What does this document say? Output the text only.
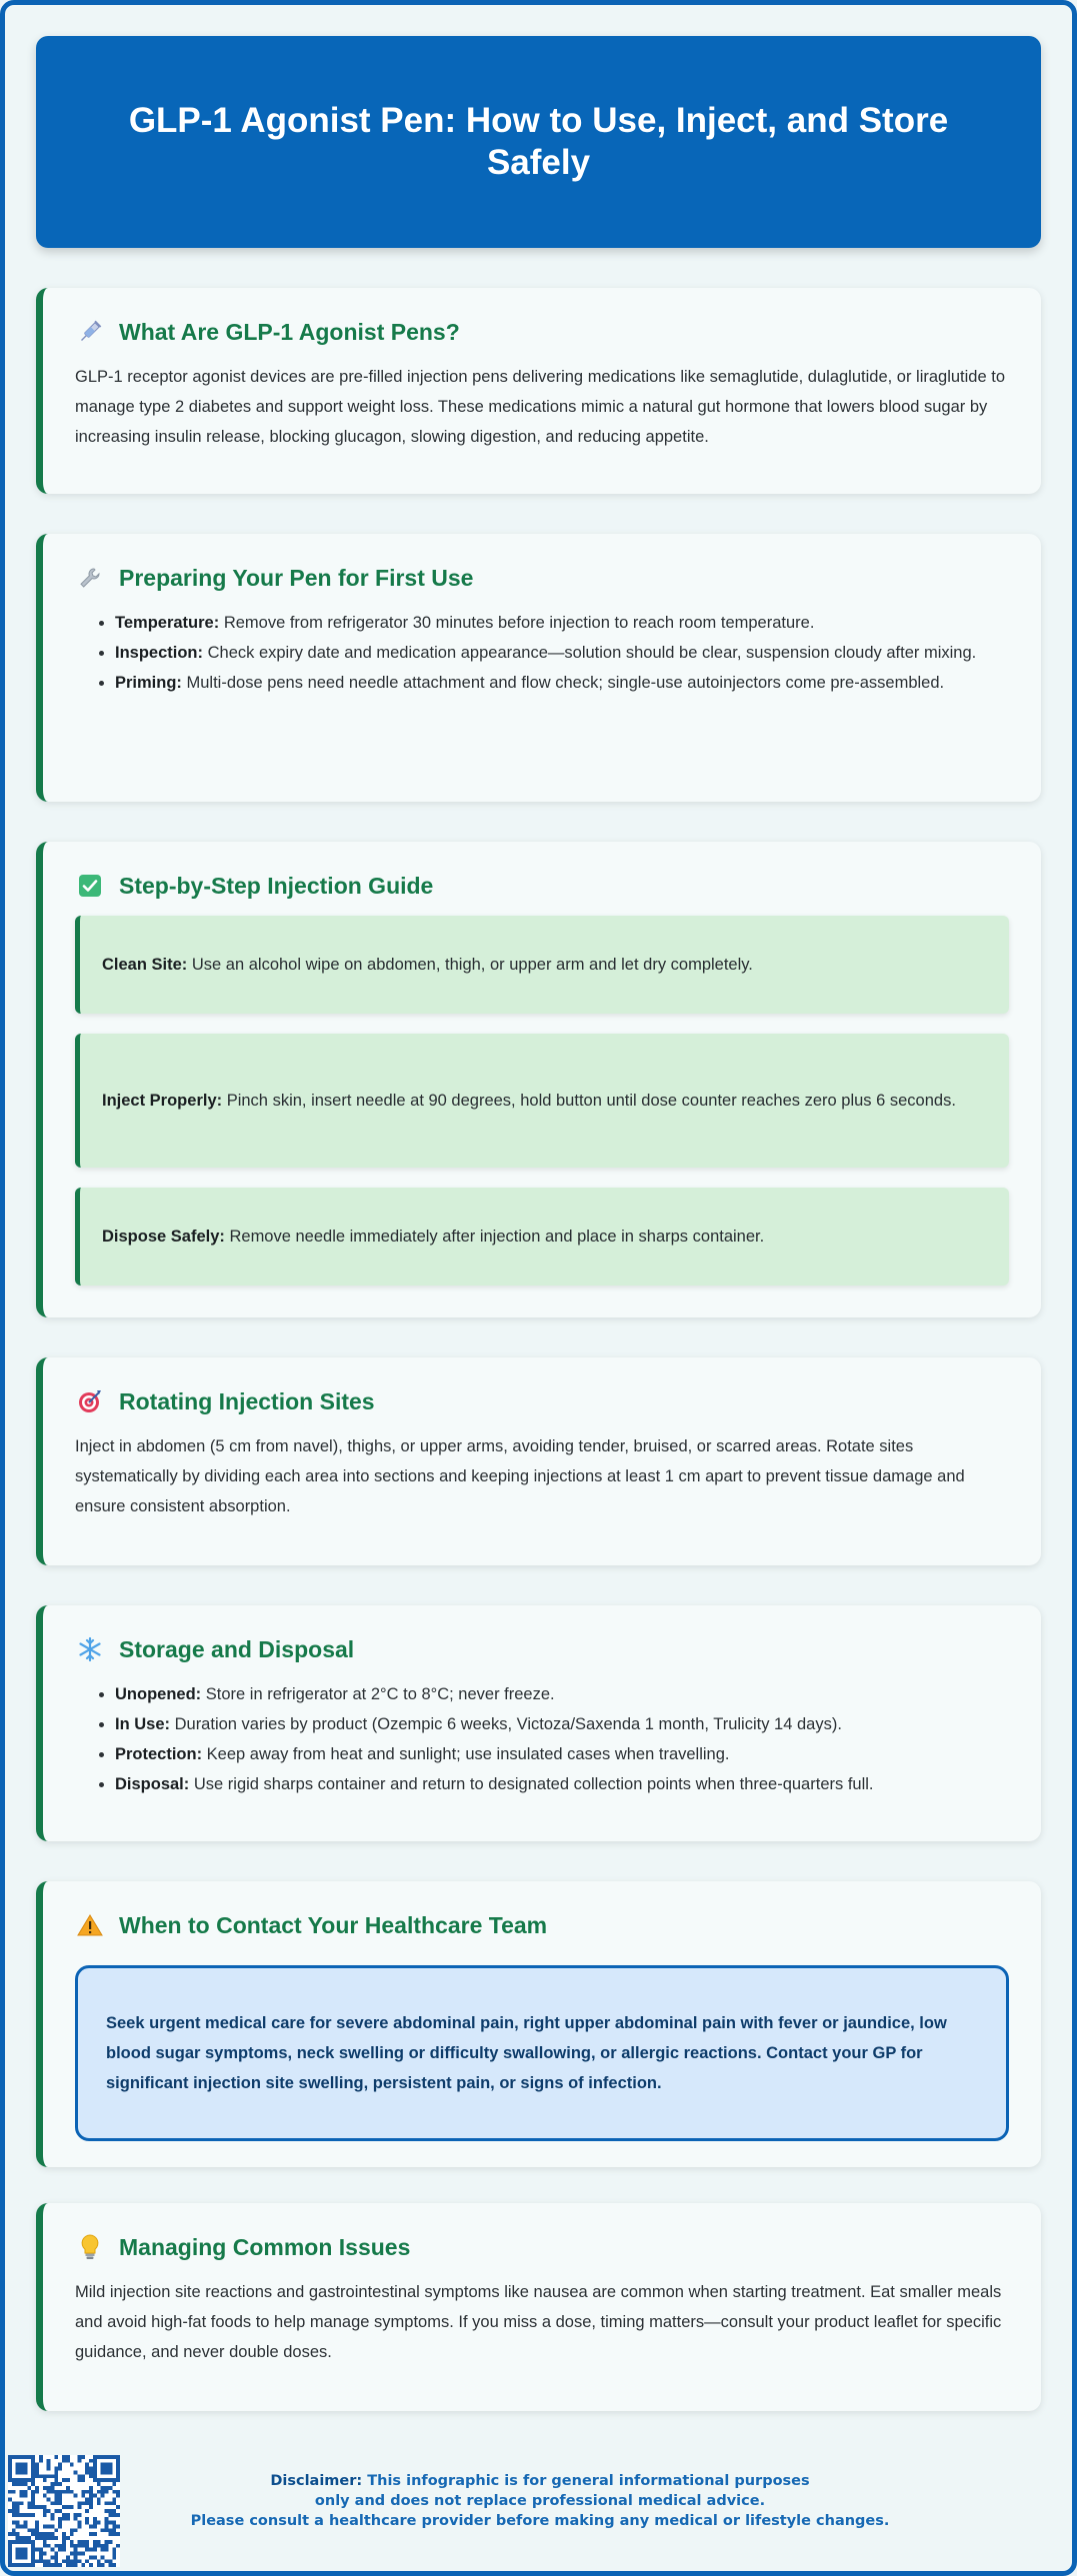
GLP-1 Agonist Pen: How to Use, Inject, and Store Safely
What Are GLP-1 Agonist Pens?

GLP-1 receptor agonist devices are pre-filled injection pens delivering medications like semaglutide, dulaglutide, or liraglutide to manage type 2 diabetes and support weight loss. These medications mimic a natural gut hormone that lowers blood sugar by increasing insulin release, blocking glucagon, slowing digestion, and reducing appetite.

Preparing Your Pen for First Use
• Temperature: Remove from refrigerator 30 minutes before injection to reach room temperature.
• Inspection: Check expiry date and medication appearance—solution should be clear, suspension cloudy after mixing.
• Priming: Multi-dose pens need needle attachment and flow check; single-use autoinjectors come pre-assembled.
Step-by-Step Injection Guide

Clean Site: Use an alcohol wipe on abdomen, thigh, or upper arm and let dry completely.

Inject Properly: Pinch skin, insert needle at 90 degrees, hold button until dose counter reaches zero plus 6 seconds.

Dispose Safely: Remove needle immediately after injection and place in sharps container.

Rotating Injection Sites

Inject in abdomen (5 cm from navel), thighs, or upper arms, avoiding tender, bruised, or scarred areas. Rotate sites systematically by dividing each area into sections and keeping injections at least 1 cm apart to prevent tissue damage and ensure consistent absorption.

Storage and Disposal
• Unopened: Store in refrigerator at 2°C to 8°C; never freeze.
• In Use: Duration varies by product (Ozempic 6 weeks, Victoza/Saxenda 1 month, Trulicity 14 days).
• Protection: Keep away from heat and sunlight; use insulated cases when travelling.
• Disposal: Use rigid sharps container and return to designated collection points when three-quarters full.
When to Contact Your Healthcare Team

Seek urgent medical care for severe abdominal pain, right upper abdominal pain with fever or jaundice, low blood sugar symptoms, neck swelling or difficulty swallowing, or allergic reactions. Contact your GP for significant injection site swelling, persistent pain, or signs of infection.

Managing Common Issues

Mild injection site reactions and gastrointestinal symptoms like nausea are common when starting treatment. Eat smaller meals and avoid high-fat foods to help manage symptoms. If you miss a dose, timing matters—consult your product leaflet for specific guidance, and never double doses.

Disclaimer: This infographic is for general informational purposes

only and does not replace professional medical advice.

Please consult a healthcare provider before making any medical or lifestyle changes.
